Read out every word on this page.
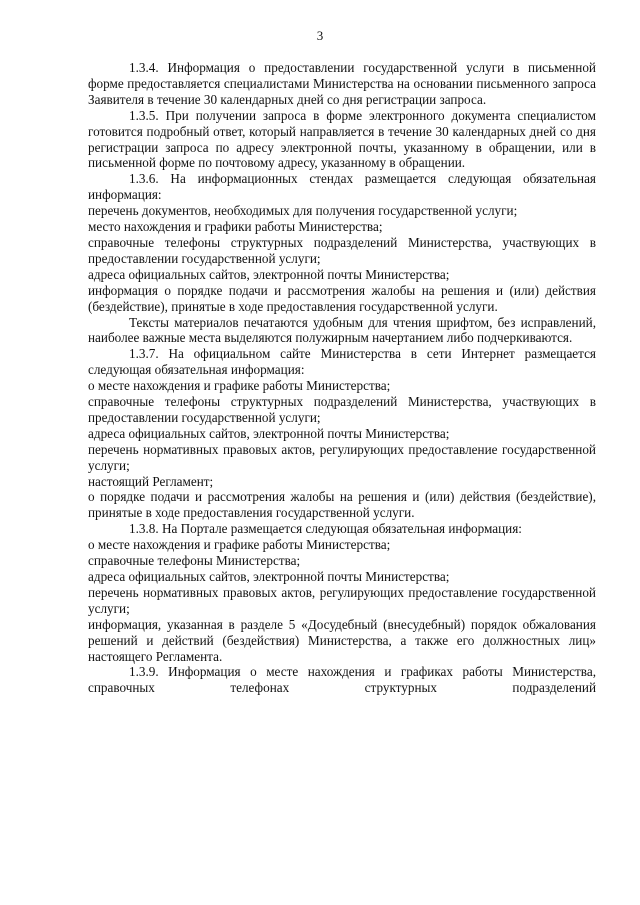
3

1.3.4. Информация о предоставлении государственной услуги в письменной форме предоставляется специалистами Министерства на основании письменного запроса Заявителя в течение 30 календарных дней со дня регистрации запроса.

1.3.5. При получении запроса в форме электронного документа специалистом готовится подробный ответ, который направляется в течение 30 календарных дней со дня регистрации запроса по адресу электронной почты, указанному в обращении, или в письменной форме по почтовому адресу, указанному в обращении.

1.3.6. На информационных стендах размещается следующая обязательная информация:

перечень документов, необходимых для получения государственной услуги;

место нахождения и графики работы Министерства;

справочные телефоны структурных подразделений Министерства, участвующих в предоставлении государственной услуги;

адреса официальных сайтов, электронной почты Министерства;

информация о порядке подачи и рассмотрения жалобы на решения и (или) действия (бездействие), принятые в ходе предоставления государственной услуги.

Тексты материалов печатаются удобным для чтения шрифтом, без исправлений, наиболее важные места выделяются полужирным начертанием либо подчеркиваются.

1.3.7. На официальном сайте Министерства в сети Интернет размещается следующая обязательная информация:

о месте нахождения и графике работы Министерства;

справочные телефоны структурных подразделений Министерства, участвующих в предоставлении государственной услуги;

адреса официальных сайтов, электронной почты Министерства;

перечень нормативных правовых актов, регулирующих предоставление государственной услуги;

настоящий Регламент;

о порядке подачи и рассмотрения жалобы на решения и (или) действия (бездействие), принятые в ходе предоставления государственной услуги.

1.3.8. На Портале размещается следующая обязательная информация:

о месте нахождения и графике работы Министерства;

справочные телефоны Министерства;

адреса официальных сайтов, электронной почты Министерства;

перечень нормативных правовых актов, регулирующих предоставление государственной услуги;

информация, указанная в разделе 5 «Досудебный (внесудебный) порядок обжалования решений и действий (бездействия) Министерства, а также его должностных лиц» настоящего Регламента.

1.3.9. Информация о месте нахождения и графиках работы Министерства, справочных телефонах структурных подразделений
